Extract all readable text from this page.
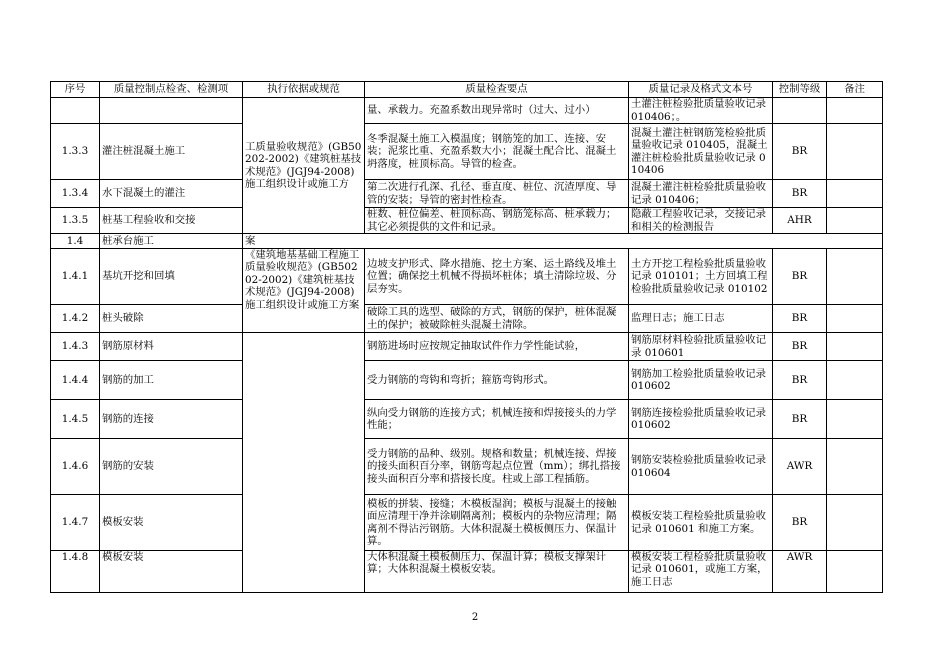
序号	质量控制点检查、检测项	执行依据或规范	质量检查要点	质量记录及格式文本号	控制等级	备注
		工质量验收规范》(GB50202-2002)《建筑桩基技术规范》(JGJ94-2008)施工组织设计或施工方	量、承载力。充盈系数出现异常时（过大、过小）	土灌注桩检验批质量验收记录 010406；。		
1.3.3	灌注桩混凝土施工		冬季混凝土施工入模温度；钢筋笼的加工、连接、安装；泥浆比重、充盈系数大小；混凝土配合比、混凝土坍落度，桩顶标高。导管的检查。	混凝土灌注桩钢筋笼检验批质量验收记录 010405，混凝土灌注桩检验批质量验收记录 010406	BR	
1.3.4	水下混凝土的灌注		第二次进行孔深、孔径、垂直度、桩位、沉渣厚度、导管的安装；导管的密封性检查。	混凝土灌注桩检验批质量验收记录 010406；	BR	
1.3.5	桩基工程验收和交接		桩数、桩位偏差、桩顶标高、钢筋笼标高、桩承载力；其它必须提供的文件和记录。	隐蔽工程验收记录，交接记录和相关的检测报告	AHR	
1.4	桩承台施工	案				
1.4.1	基坑开挖和回填	《建筑地基基础工程施工质量验收规范》(GB50202-2002)《建筑桩基技术规范》(JGJ94-2008)施工组织设计或施工方案	边坡支护形式、降水措施、挖土方案、运土路线及堆土位置；确保挖土机械不得损坏桩体；填土清除垃圾、分层夯实。	土方开挖工程检验批质量验收记录 010101；土方回填工程检验批质量验收记录 010102	BR	
1.4.2	桩头破除		破除工具的选型、破除的方式，钢筋的保护，桩体混凝土的保护；被破除桩头混凝土清除。	监理日志；施工日志	BR	
1.4.3	钢筋原材料		钢筋进场时应按规定抽取试件作力学性能试验，	钢筋原材料检验批质量验收记录 010601	BR	
1.4.4	钢筋的加工		受力钢筋的弯钩和弯折；箍筋弯钩形式。	钢筋加工检验批质量验收记录 010602	BR	
1.4.5	钢筋的连接		纵向受力钢筋的连接方式；机械连接和焊接接头的力学性能；	钢筋连接检验批质量验收记录 010602	BR	
1.4.6	钢筋的安装		受力钢筋的品种、级别。规格和数量；机械连接、焊接的接头面积百分率，钢筋弯起点位置（mm）；绑扎搭接接头面积百分率和搭接长度。柱或上部工程插筋。	钢筋安装检验批质量验收记录 010604	AWR	
1.4.7	模板安装		模板的拼装、接缝；木模板湿润；模板与混凝土的接触面应清理干净并涂刷隔离剂；模板内的杂物应清理；隔离剂不得沾污钢筋。大体积混凝土模板侧压力、保温计算。	模板安装工程检验批质量验收记录 010601 和施工方案。	BR	
1.4.8	模板安装		大体积混凝土模板侧压力、保温计算；模板支撑架计算；大体积混凝土模板安装。	模板安装工程检验批质量验收记录 010601，或施工方案，施工日志	AWR	
2
